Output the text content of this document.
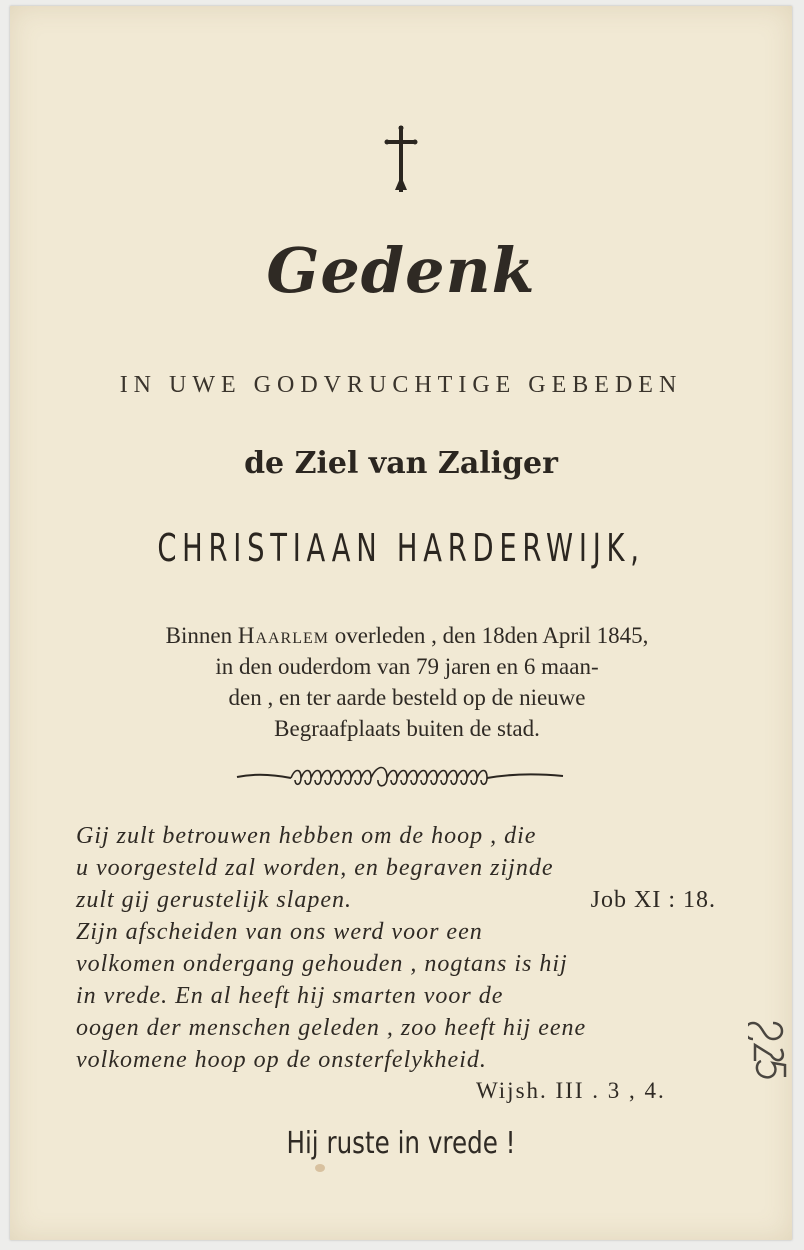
Gedenk
IN UWE GODVRUCHTIGE GEBEDEN
de Ziel van Zaliger
CHRISTIAAN HARDERWIJK,
Binnen Haarlem overleden , den 18den April 1845,
in den ouderdom van 79 jaren en 6 maan-
den , en ter aarde besteld op de nieuwe
Begraafplaats buiten de stad.
Gij zult betrouwen hebben om de hoop , die
u voorgesteld zal worden, en begraven zijnde
zult gij gerustelijk slapen.	Job XI : 18.
Zijn afscheiden van ons werd voor een
volkomen ondergang gehouden , nogtans is hij
in vrede. En al heeft hij smarten voor de
oogen der menschen geleden , zoo heeft hij eene
volkomene hoop op de onsterfelykheid.
Wijsh. III . 3 , 4.
Hij ruste in vrede !
